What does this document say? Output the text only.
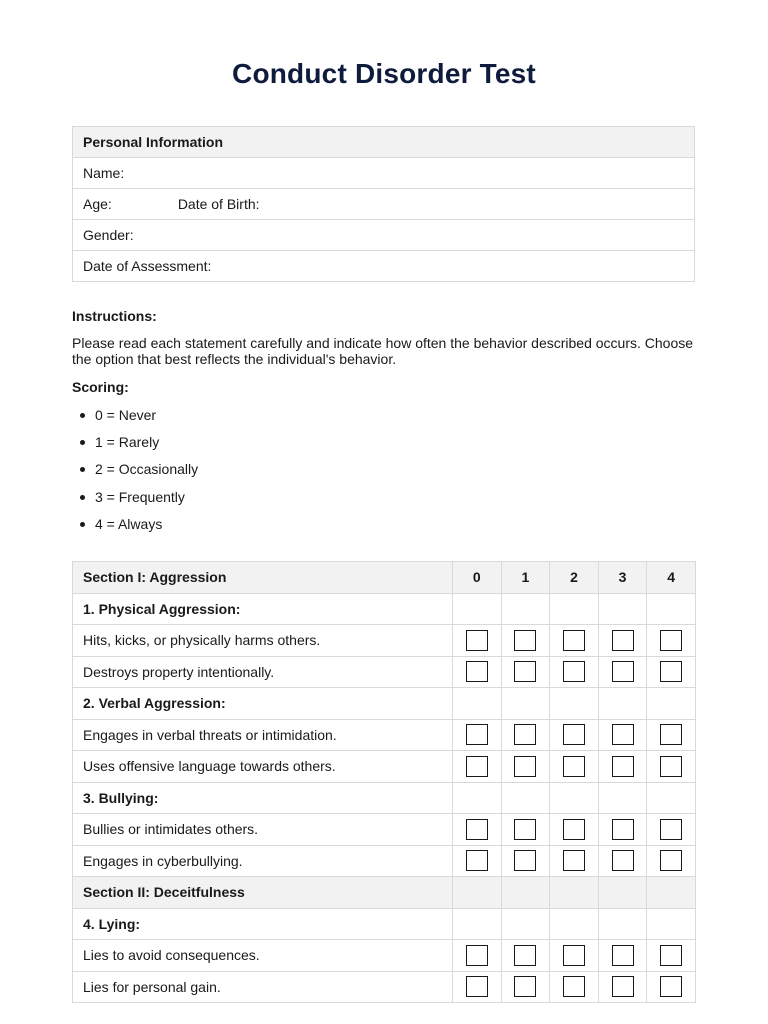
Conduct Disorder Test
Personal Information
Name:
Age:	Date of Birth:
Gender:
Date of Assessment:
Instructions:
Please read each statement carefully and indicate how often the behavior described occurs. Choose the option that best reflects the individual's behavior.
Scoring:
0 = Never
1 = Rarely
2 = Occasionally
3 = Frequently
4 = Always
Section I: Aggression	0	1	2	3	4
1. Physical Aggression:					
Hits, kicks, or physically harms others.					
Destroys property intentionally.					
2. Verbal Aggression:					
Engages in verbal threats or intimidation.					
Uses offensive language towards others.					
3. Bullying:					
Bullies or intimidates others.					
Engages in cyberbullying.					
Section II: Deceitfulness					
4. Lying:					
Lies to avoid consequences.					
Lies for personal gain.					
